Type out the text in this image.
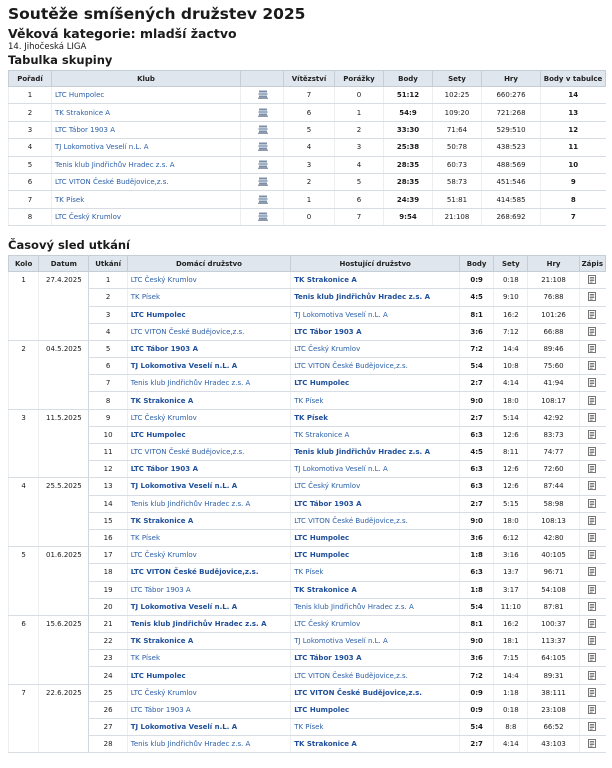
Soutěže smíšených družstev 2025
Věková kategorie: mladší žactvo
14. Jihočeská LIGA
Tabulka skupiny
Pořadí	Klub		Vítězství	Porážky	Body	Sety	Hry	Body v tabulce
1	LTC Humpolec		7	0	51:12	102:25	660:276	14
2	TK Strakonice A		6	1	54:9	109:20	721:268	13
3	LTC Tábor 1903 A		5	2	33:30	71:64	529:510	12
4	TJ Lokomotiva Veselí n.L. A		4	3	25:38	50:78	438:523	11
5	Tenis klub Jindřichův Hradec z.s. A		3	4	28:35	60:73	488:569	10
6	LTC VITON České Budějovice,z.s.		2	5	28:35	58:73	451:546	9
7	TK Písek		1	6	24:39	51:81	414:585	8
8	LTC Český Krumlov		0	7	9:54	21:108	268:692	7
Časový sled utkání
Kolo	Datum	Utkání	Domácí družstvo	Hostující družstvo	Body	Sety	Hry	Zápis
1	27.4.2025	1	LTC Český Krumlov	TK Strakonice A	0:9	0:18	21:108	

		2	TK Písek	Tenis klub Jindřichův Hradec z.s. A	4:5	9:10	76:88	

		3	LTC Humpolec	TJ Lokomotiva Veselí n.L. A	8:1	16:2	101:26	

		4	LTC VITON České Budějovice,z.s.	LTC Tábor 1903 A	3:6	7:12	66:88	

2	04.5.2025	5	LTC Tábor 1903 A	LTC Český Krumlov	7:2	14:4	89:46	

		6	TJ Lokomotiva Veselí n.L. A	LTC VITON České Budějovice,z.s.	5:4	10:8	75:60	

		7	Tenis klub Jindřichův Hradec z.s. A	LTC Humpolec	2:7	4:14	41:94	

		8	TK Strakonice A	TK Písek	9:0	18:0	108:17	

3	11.5.2025	9	LTC Český Krumlov	TK Písek	2:7	5:14	42:92	

		10	LTC Humpolec	TK Strakonice A	6:3	12:6	83:73	

		11	LTC VITON České Budějovice,z.s.	Tenis klub Jindřichův Hradec z.s. A	4:5	8:11	74:77	

		12	LTC Tábor 1903 A	TJ Lokomotiva Veselí n.L. A	6:3	12:6	72:60	

4	25.5.2025	13	TJ Lokomotiva Veselí n.L. A	LTC Český Krumlov	6:3	12:6	87:44	

		14	Tenis klub Jindřichův Hradec z.s. A	LTC Tábor 1903 A	2:7	5:15	58:98	

		15	TK Strakonice A	LTC VITON České Budějovice,z.s.	9:0	18:0	108:13	

		16	TK Písek	LTC Humpolec	3:6	6:12	42:80	

5	01.6.2025	17	LTC Český Krumlov	LTC Humpolec	1:8	3:16	40:105	

		18	LTC VITON České Budějovice,z.s.	TK Písek	6:3	13:7	96:71	

		19	LTC Tábor 1903 A	TK Strakonice A	1:8	3:17	54:108	

		20	TJ Lokomotiva Veselí n.L. A	Tenis klub Jindřichův Hradec z.s. A	5:4	11:10	87:81	

6	15.6.2025	21	Tenis klub Jindřichův Hradec z.s. A	LTC Český Krumlov	8:1	16:2	100:37	

		22	TK Strakonice A	TJ Lokomotiva Veselí n.L. A	9:0	18:1	113:37	

		23	TK Písek	LTC Tábor 1903 A	3:6	7:15	64:105	

		24	LTC Humpolec	LTC VITON České Budějovice,z.s.	7:2	14:4	89:31	

7	22.6.2025	25	LTC Český Krumlov	LTC VITON České Budějovice,z.s.	0:9	1:18	38:111	

		26	LTC Tábor 1903 A	LTC Humpolec	0:9	0:18	23:108	

		27	TJ Lokomotiva Veselí n.L. A	TK Písek	5:4	8:8	66:52	

		28	Tenis klub Jindřichův Hradec z.s. A	TK Strakonice A	2:7	4:14	43:103	
